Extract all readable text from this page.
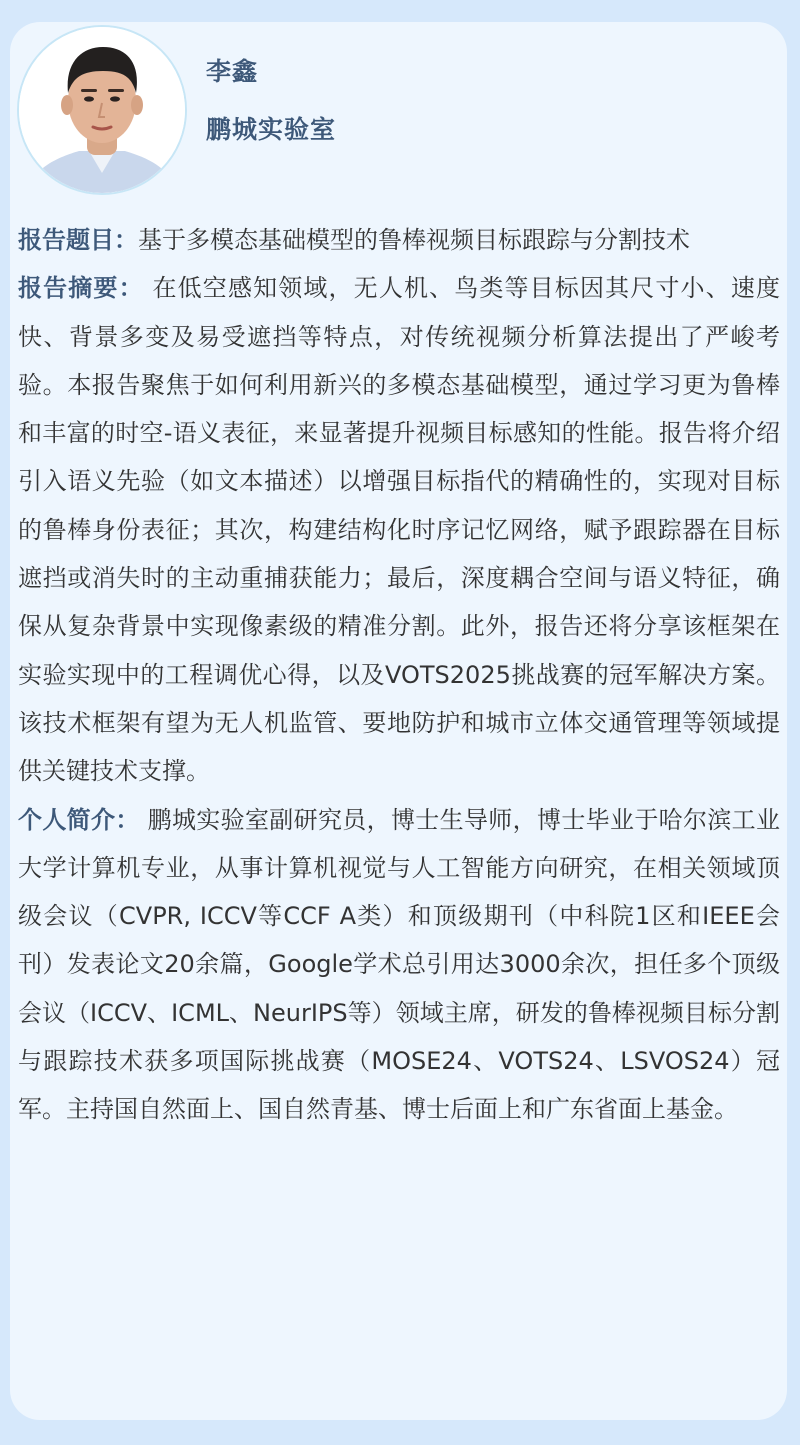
李鑫
鹏城实验室

报告题目：基于多模态基础模型的鲁棒视频目标跟踪与分割技术

报告摘要： 在低空感知领域，无人机、鸟类等目标因其尺寸小、速度快、背景多变及易受遮挡等特点，对传统视频分析算法提出了严峻考验。本报告聚焦于如何利用新兴的多模态基础模型，通过学习更为鲁棒和丰富的时空-语义表征，来显著提升视频目标感知的性能。报告将介绍引入语义先验（如文本描述）以增强目标指代的精确性的，实现对目标的鲁棒身份表征；其次，构建结构化时序记忆网络，赋予跟踪器在目标遮挡或消失时的主动重捕获能力；最后，深度耦合空间与语义特征，确保从复杂背景中实现像素级的精准分割。此外，报告还将分享该框架在实验实现中的工程调优心得，以及VOTS2025挑战赛的冠军解决方案。该技术框架有望为无人机监管、要地防护和城市立体交通管理等领域提供关键技术支撑。

个人简介： 鹏城实验室副研究员，博士生导师，博士毕业于哈尔滨工业大学计算机专业，从事计算机视觉与人工智能方向研究，在相关领域顶级会议（CVPR, ICCV等CCF A类）和顶级期刊（中科院1区和IEEE会刊）发表论文20余篇，Google学术总引用达3000余次，担任多个顶级会议（ICCV、ICML、NeurIPS等）领域主席，研发的鲁棒视频目标分割与跟踪技术获多项国际挑战赛（MOSE24、VOTS24、LSVOS24）冠军。主持国自然面上、国自然青基、博士后面上和广东省面上基金。
